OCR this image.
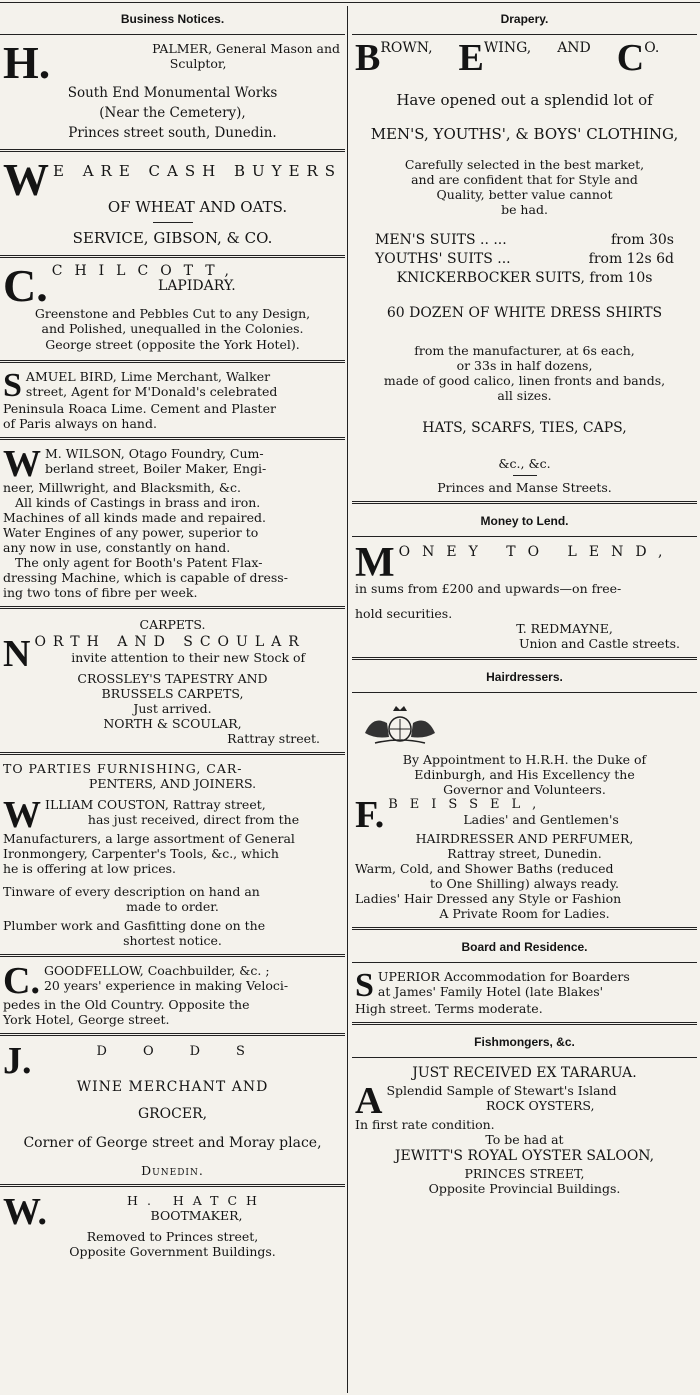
Business Notices.
H.	PALMER, General Mason and
Sculptor,
South End Monumental Works
(Near the Cemetery),
Princes street south, Dunedin.
W E ARE CASH BUYERS
OF WHEAT AND OATS.
SERVICE, GIBSON, & CO.
C. CHILCOTT,
LAPIDARY.
Greenstone and Pebbles Cut to any Design,
and Polished, unequalled in the Colonies.
George street (opposite the York Hotel).
S AMUEL BIRD, Lime Merchant, Walker
street, Agent for M'Donald's celebrated
Peninsula Roaca Lime. Cement and Plaster
of Paris always on hand.
W M. WILSON, Otago Foundry, Cum-
berland street, Boiler Maker, Engi-
neer, Millwright, and Blacksmith, &c.
All kinds of Castings in brass and iron.
Machines of all kinds made and repaired.
Water Engines of any power, superior to
any now in use, constantly on hand.
The only agent for Booth's Patent Flax-
dressing Machine, which is capable of dress-
ing two tons of fibre per week.
CARPETS.
N ORTH AND SCOULAR
invite attention to their new Stock of
CROSSLEY'S TAPESTRY AND
BRUSSELS CARPETS,
Just arrived.
NORTH & SCOULAR,
Rattray street.
TO PARTIES FURNISHING, CAR-
PENTERS, AND JOINERS.
W ILLIAM COUSTON, Rattray street,
has just received, direct from the
Manufacturers, a large assortment of General
Ironmongery, Carpenter's Tools, &c., which
he is offering at low prices.
Tinware of every description on hand an
made to order.
Plumber work and Gasfitting done on the
shortest notice.
C. GOODFELLOW, Coachbuilder, &c. ;
20 years' experience in making Veloci-
pedes in the Old Country. Opposite the
York Hotel, George street.
J.	DODS
WINE MERCHANT AND
GROCER,
Corner of George street and Moray place,
Dunedin.
W.	H. HATCH
BOOTMAKER,
Removed to Princes street,
Opposite Government Buildings.
Drapery.
BROWN, EWING, AND CO.
Have opened out a splendid lot of
MEN'S, YOUTHS', & BOYS' CLOTHING,
Carefully selected in the best market,
and are confident that for Style and
Quality, better value cannot
be had.
MEN'S SUITS .. ...	from 30s
YOUTHS' SUITS ...	from 12s 6d
KNICKERBOCKER SUITS, from 10s
60 DOZEN OF WHITE DRESS SHIRTS
from the manufacturer, at 6s each,
or 33s in half dozens,
made of good calico, linen fronts and bands,
all sizes.
HATS, SCARFS, TIES, CAPS,
&c., &c.
Princes and Manse Streets.
Money to Lend.
M ONEY TO LEND,
in sums from £200 and upwards—on free-
hold securities.
T. REDMAYNE,
Union and Castle streets.
Hairdressers.
By Appointment to H.R.H. the Duke of
Edinburgh, and His Excellency the
Governor and Volunteers.
F. BEISSEL,
Ladies' and Gentlemen's
HAIRDRESSER AND PERFUMER,
Rattray street, Dunedin.
Warm, Cold, and Shower Baths (reduced
to One Shilling) always ready.
Ladies' Hair Dressed any Style or Fashion
A Private Room for Ladies.
Board and Residence.
S UPERIOR Accommodation for Boarders
at James' Family Hotel (late Blakes'
High street. Terms moderate.
Fishmongers, &c.
JUST RECEIVED EX TARARUA.
A Splendid Sample of Stewart's Island
ROCK OYSTERS,
In first rate condition.
To be had at
JEWITT'S ROYAL OYSTER SALOON,
PRINCES STREET,
Opposite Provincial Buildings.
